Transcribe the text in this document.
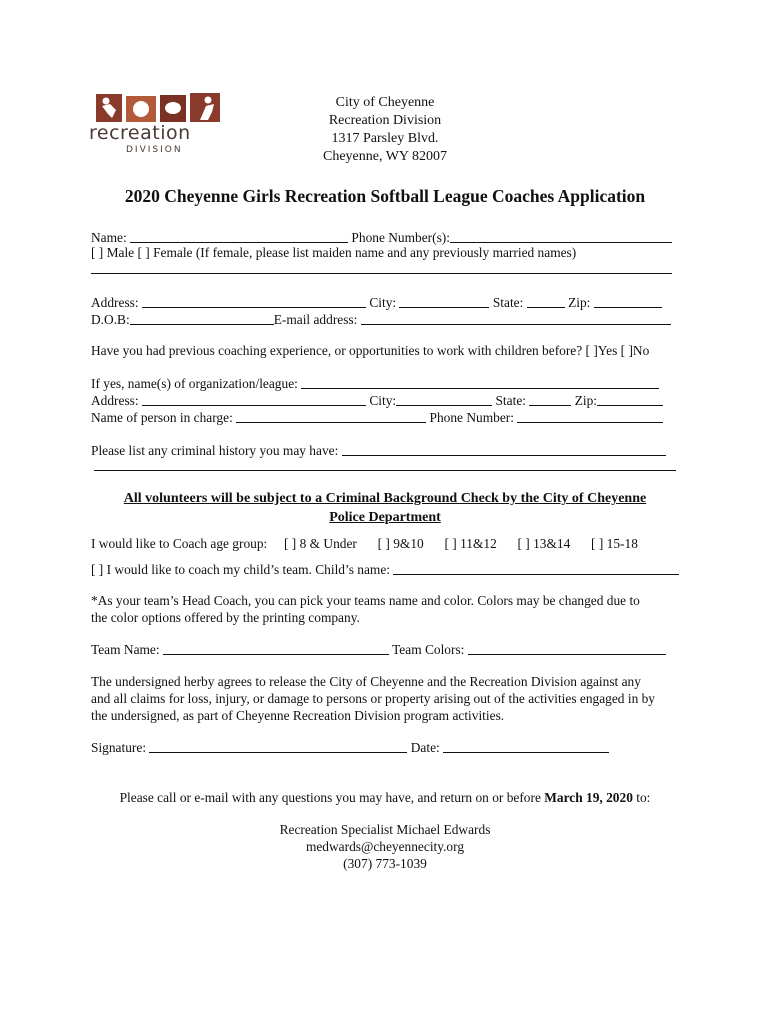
recreation
DIVISION
City of Cheyenne
Recreation Division
1317 Parsley Blvd.
Cheyenne, WY 82007
2020 Cheyenne Girls Recreation Softball League Coaches Application
Name:	Phone Number(s):
[ ] Male [ ] Female (If female, please list maiden name and any previously married names)
Address:	City:	State:	Zip:
D.O.B:	E-mail address:
Have you had previous coaching experience, or opportunities to work with children before? [ ]Yes [ ]No
If yes, name(s) of organization/league:
Address:	City:	State:	Zip:
Name of person in charge:	Phone Number:
Please list any criminal history you may have:
All volunteers will be subject to a Criminal Background Check by the City of Cheyenne
Police Department
I would like to Coach age group: [ ] 8 & Under [ ] 9&10 [ ] 11&12 [ ] 13&14 [ ] 15-18
[ ] I would like to coach my child’s team. Child’s name:
*As your team’s Head Coach, you can pick your teams name and color. Colors may be changed due to
the color options offered by the printing company.
Team Name:	Team Colors:
The undersigned herby agrees to release the City of Cheyenne and the Recreation Division against any
and all claims for loss, injury, or damage to persons or property arising out of the activities engaged in by
the undersigned, as part of Cheyenne Recreation Division program activities.
Signature:	Date:
Please call or e-mail with any questions you may have, and return on or before March 19, 2020 to:
Recreation Specialist Michael Edwards
medwards@cheyennecity.org
(307) 773-1039
